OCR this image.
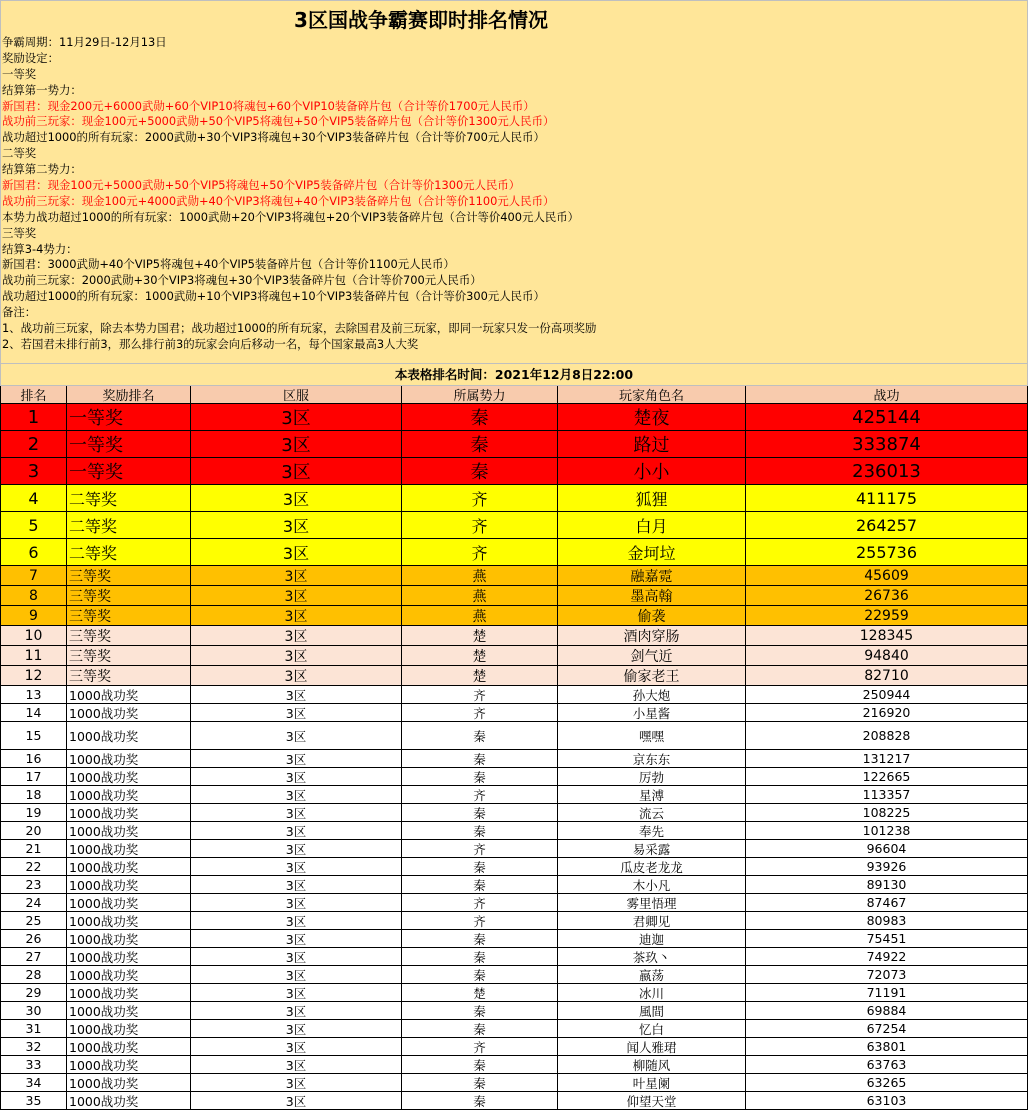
3区国战争霸赛即时排名情况
争霸周期：11月29日-12月13日
奖励设定：
一等奖
结算第一势力：
新国君：现金200元+6000武勋+60个VIP10将魂包+60个VIP10装备碎片包（合计等价1700元人民币）
战功前三玩家：现金100元+5000武勋+50个VIP5将魂包+50个VIP5装备碎片包（合计等价1300元人民币）
战功超过1000的所有玩家：2000武勋+30个VIP3将魂包+30个VIP3装备碎片包（合计等价700元人民币）
二等奖
结算第二势力：
新国君：现金100元+5000武勋+50个VIP5将魂包+50个VIP5装备碎片包（合计等价1300元人民币）
战功前三玩家：现金100元+4000武勋+40个VIP3将魂包+40个VIP3装备碎片包（合计等价1100元人民币）
本势力战功超过1000的所有玩家：1000武勋+20个VIP3将魂包+20个VIP3装备碎片包（合计等价400元人民币）
三等奖
结算3-4势力：
新国君：3000武勋+40个VIP5将魂包+40个VIP5装备碎片包（合计等价1100元人民币）
战功前三玩家：2000武勋+30个VIP3将魂包+30个VIP3装备碎片包（合计等价700元人民币）
战功超过1000的所有玩家：1000武勋+10个VIP3将魂包+10个VIP3装备碎片包（合计等价300元人民币）
备注：
1、战功前三玩家，除去本势力国君；战功超过1000的所有玩家，去除国君及前三玩家，即同一玩家只发一份高项奖励
2、若国君未排行前3，那么排行前3的玩家会向后移动一名，每个国家最高3人大奖
本表格排名时间：2021年12月8日22:00
排名	奖励排名	区服	所属势力	玩家角色名	战功
1	一等奖	3区	秦	楚夜	425144
2	一等奖	3区	秦	路过	333874
3	一等奖	3区	秦	小小	236013
4	二等奖	3区	齐	狐狸	411175
5	二等奖	3区	齐	白月	264257
6	二等奖	3区	齐	金坷垃	255736
7	三等奖	3区	燕	融嘉霓	45609
8	三等奖	3区	燕	墨高翰	26736
9	三等奖	3区	燕	偷袭	22959
10	三等奖	3区	楚	酒肉穿肠	128345
11	三等奖	3区	楚	剑气近	94840
12	三等奖	3区	楚	偷家老王	82710
13	1000战功奖	3区	齐	孙大炮	250944
14	1000战功奖	3区	齐	小星酱	216920
15	1000战功奖	3区	秦	嘿嘿	208828
16	1000战功奖	3区	秦	京东东	131217
17	1000战功奖	3区	秦	厉勃	122665
18	1000战功奖	3区	齐	星溥	113357
19	1000战功奖	3区	秦	流云	108225
20	1000战功奖	3区	秦	奉先	101238
21	1000战功奖	3区	齐	易采露	96604
22	1000战功奖	3区	秦	瓜皮老龙龙	93926
23	1000战功奖	3区	秦	木小凡	89130
24	1000战功奖	3区	齐	雾里悟理	87467
25	1000战功奖	3区	齐	君卿见	80983
26	1000战功奖	3区	秦	迪迦	75451
27	1000战功奖	3区	秦	茶玖丶	74922
28	1000战功奖	3区	秦	嬴荡	72073
29	1000战功奖	3区	楚	冰川	71191
30	1000战功奖	3区	秦	風間	69884
31	1000战功奖	3区	秦	忆白	67254
32	1000战功奖	3区	齐	闻人雅珺	63801
33	1000战功奖	3区	秦	柳随风	63763
34	1000战功奖	3区	秦	叶星阑	63265
35	1000战功奖	3区	秦	仰望天堂	63103
